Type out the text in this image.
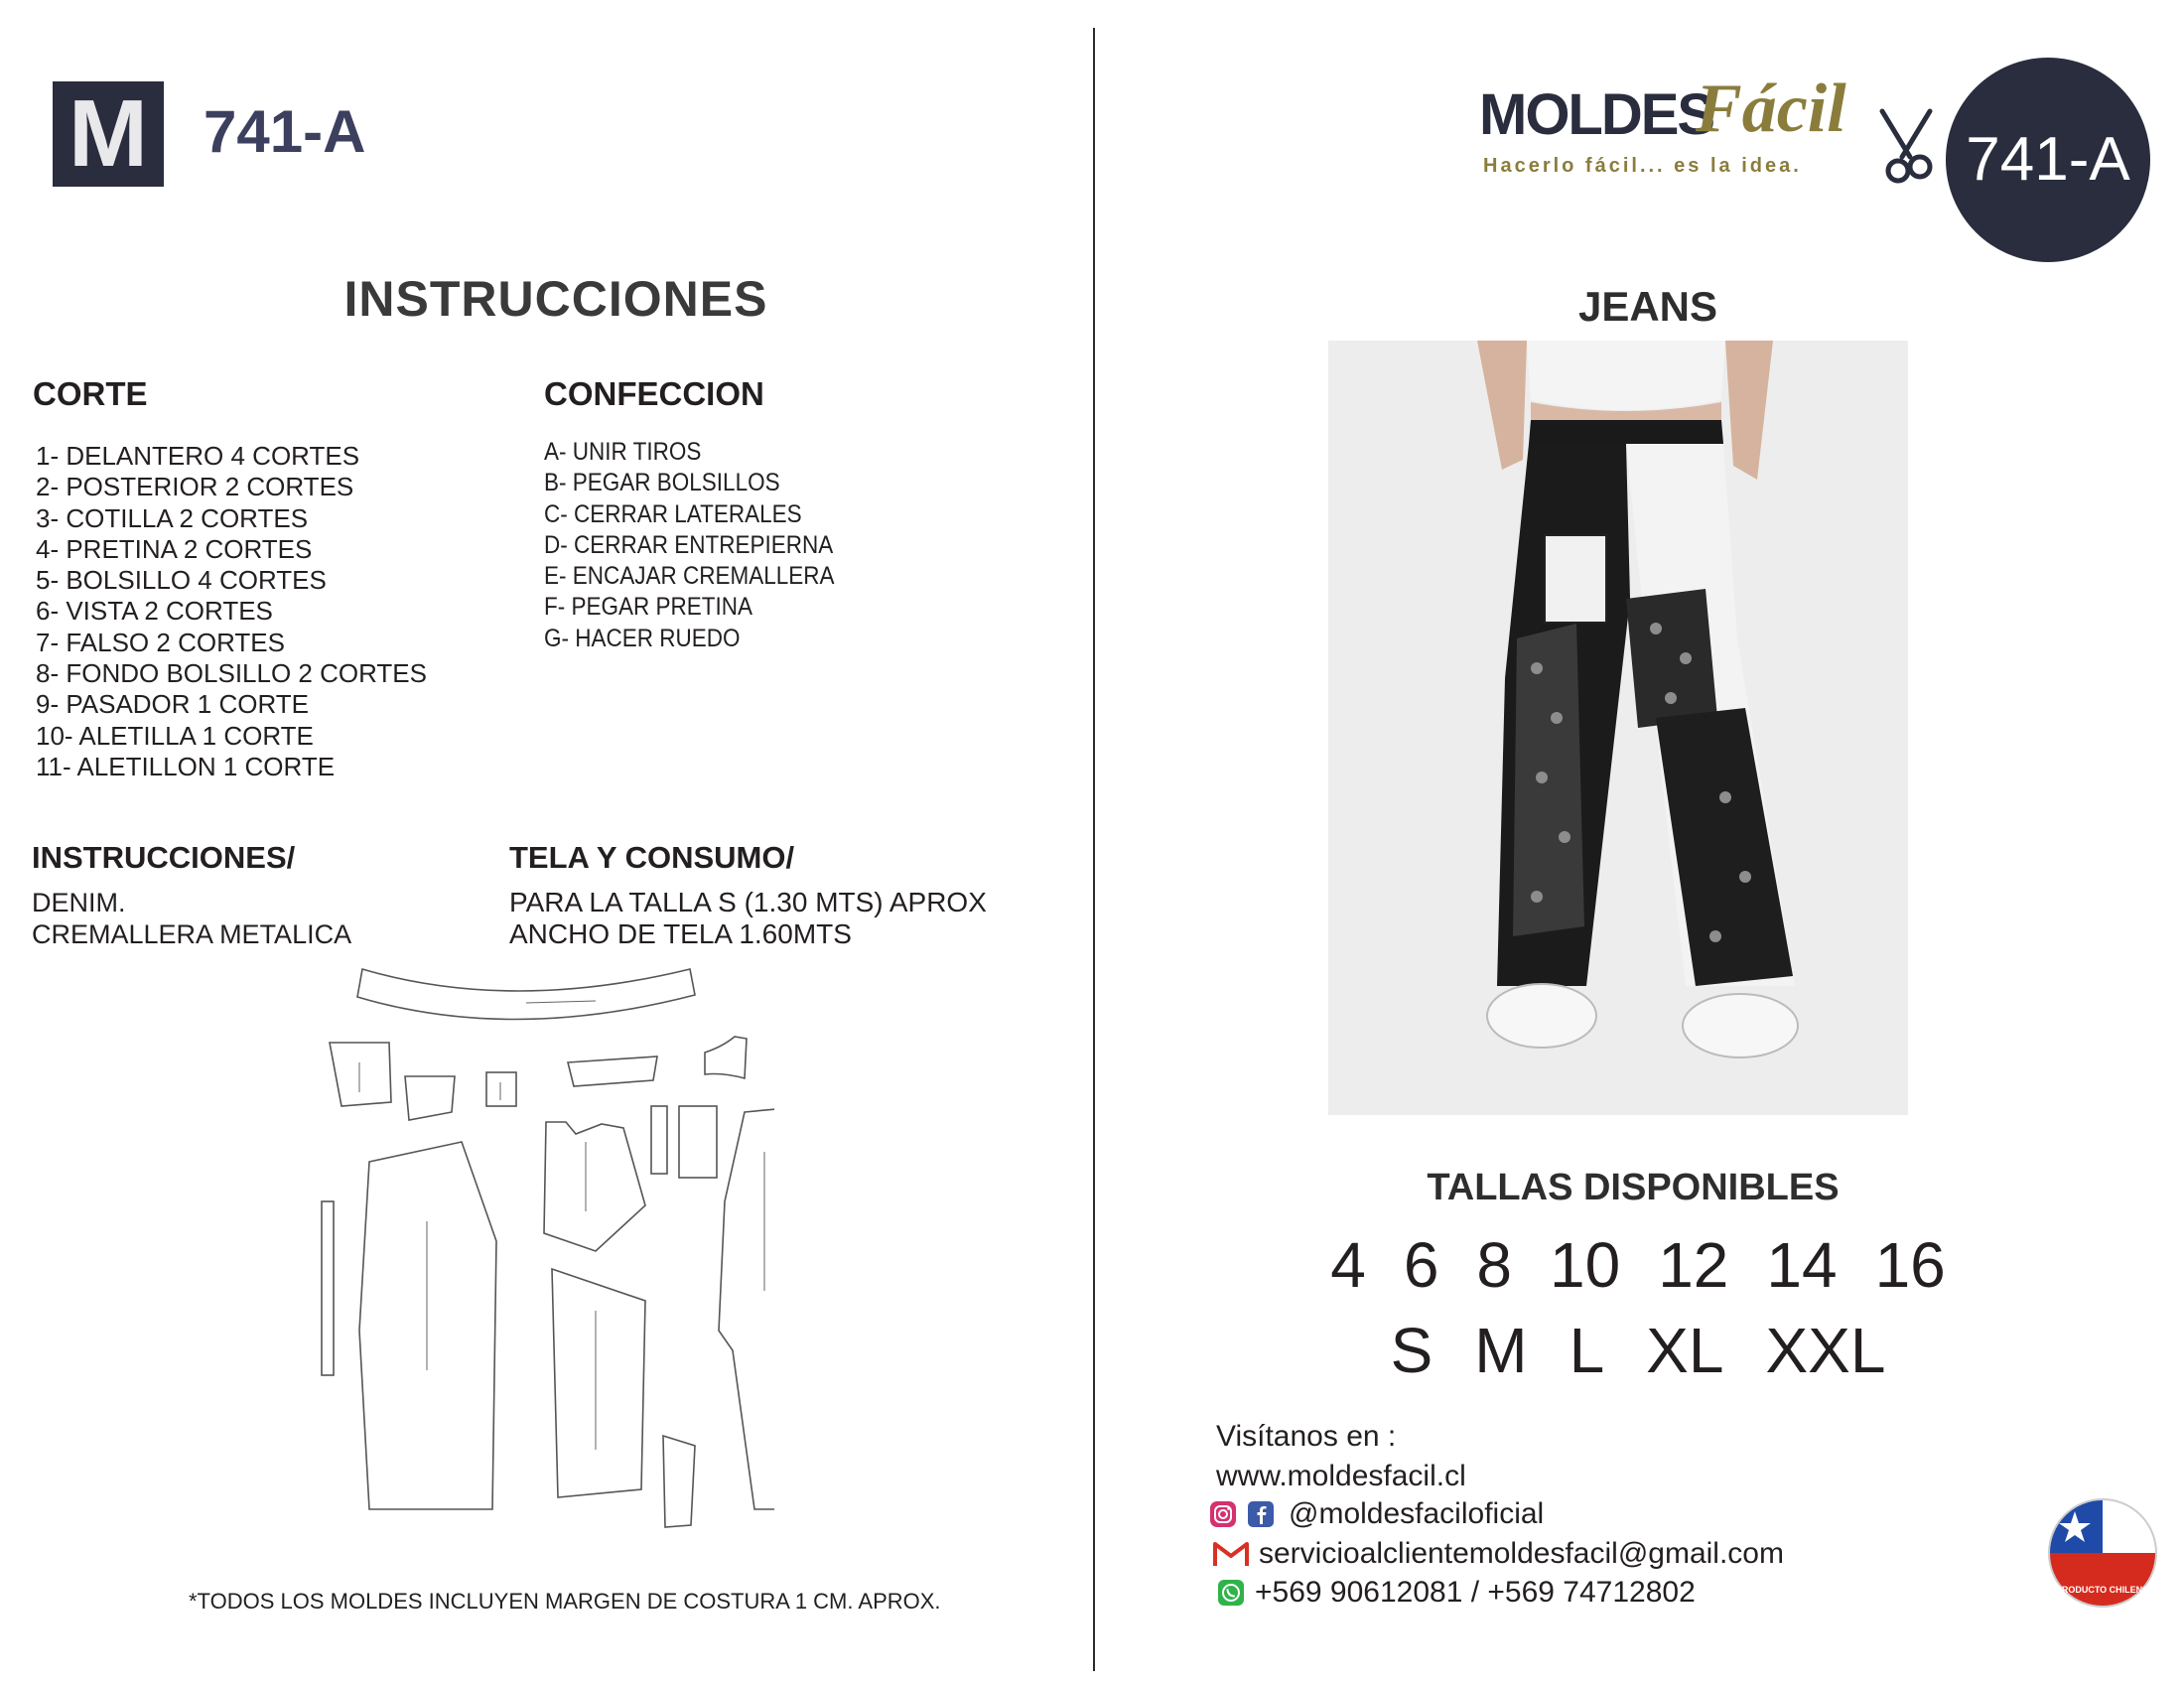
M 741-A
INSTRUCCIONES
CORTE
1- DELANTERO 4 CORTES
2- POSTERIOR 2 CORTES
3- COTILLA 2 CORTES
4- PRETINA 2 CORTES
5- BOLSILLO 4 CORTES
6- VISTA 2 CORTES
7- FALSO 2 CORTES
8- FONDO BOLSILLO 2 CORTES
9- PASADOR 1 CORTE
10- ALETILLA 1 CORTE
11- ALETILLON 1 CORTE
CONFECCION
A- UNIR TIROS
B- PEGAR BOLSILLOS
C- CERRAR LATERALES
D- CERRAR ENTREPIERNA
E- ENCAJAR CREMALLERA
F- PEGAR PRETINA
G- HACER RUEDO
INSTRUCCIONES/
DENIM.
CREMALLERA METALICA
TELA Y CONSUMO/
PARA LA TALLA S (1.30 MTS) APROX
ANCHO DE TELA 1.60MTS
*TODOS LOS MOLDES INCLUYEN MARGEN DE COSTURA 1 CM. APROX.
MOLDES
Fácil
Hacerlo fácil... es la idea.	741-A
JEANS
TALLAS DISPONIBLES
4 6 8 10 12 14 16
S M L XL XXL
Visítanos en :
www.moldesfacil.cl
@moldesfaciloficial
servicioalclientemoldesfacil@gmail.com
+569 90612081 / +569 74712802	PRODUCTO CHILENO
